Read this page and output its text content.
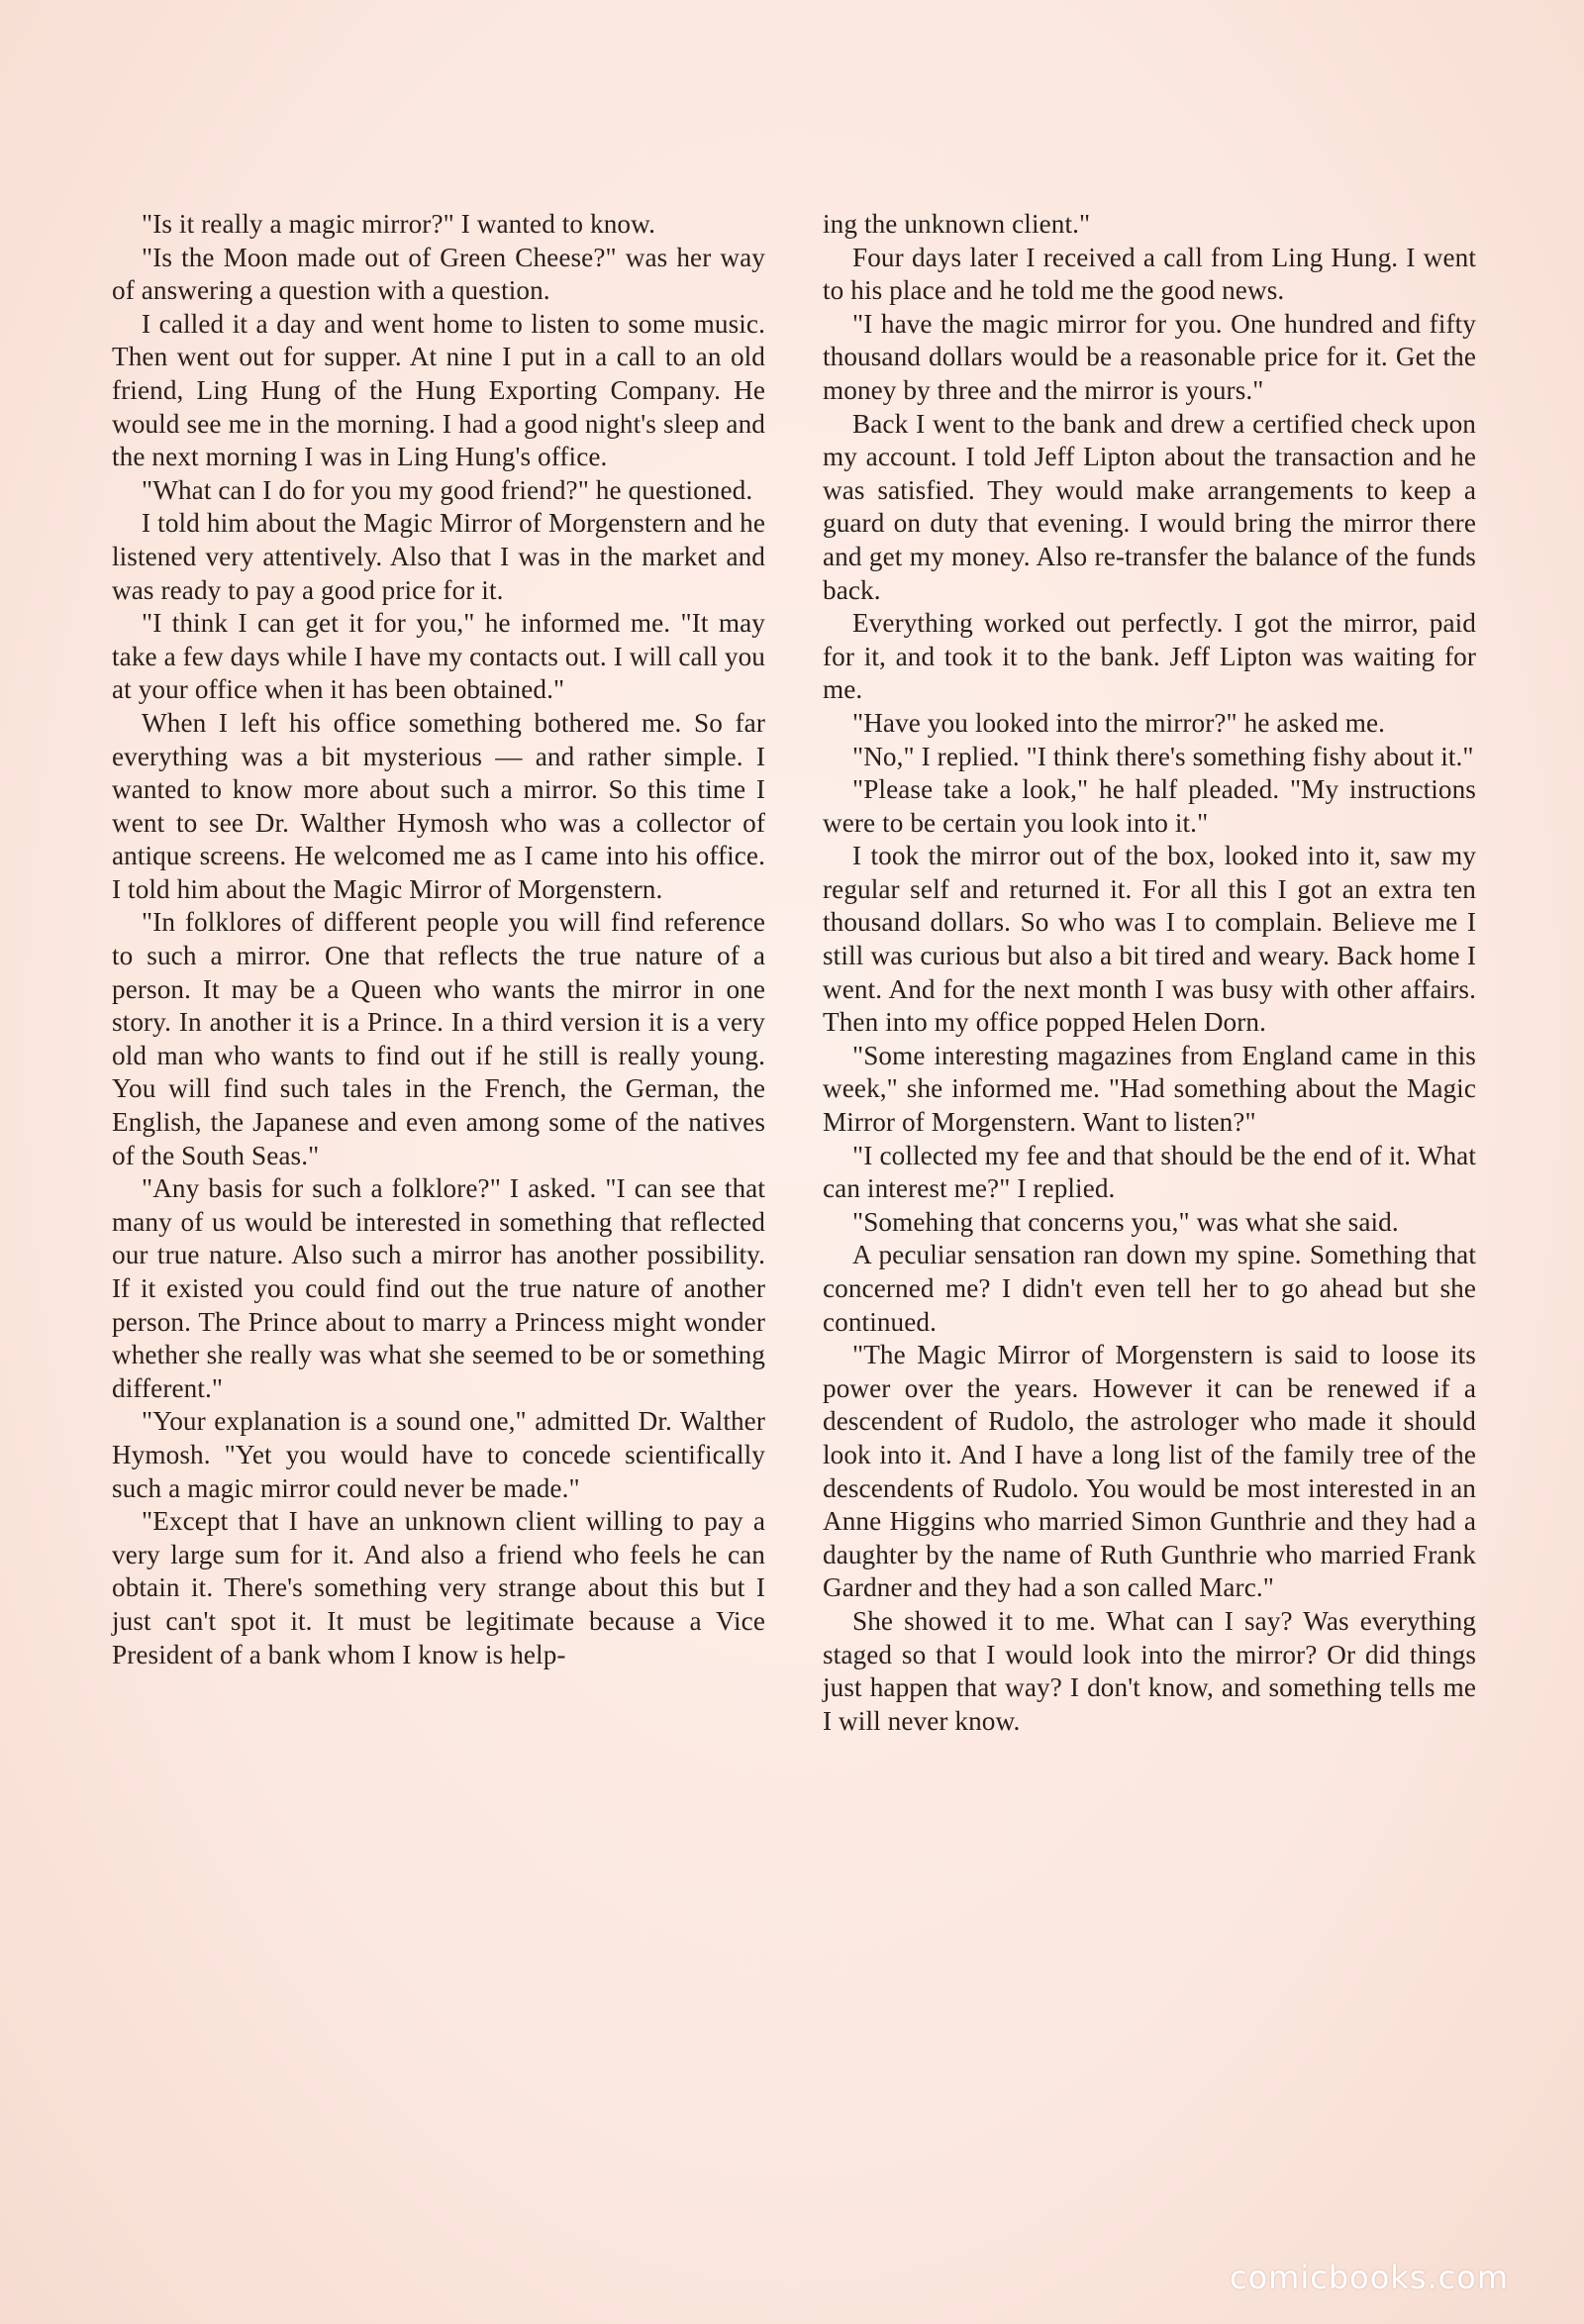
"Is it really a magic mirror?" I wanted to know.

"Is the Moon made out of Green Cheese?" was her way of answering a question with a question.

I called it a day and went home to listen to some music. Then went out for supper. At nine I put in a call to an old friend, Ling Hung of the Hung Exporting Company. He would see me in the morning. I had a good night's sleep and the next morning I was in Ling Hung's office.

"What can I do for you my good friend?" he questioned.

I told him about the Magic Mirror of Morgenstern and he listened very attentively. Also that I was in the market and was ready to pay a good price for it.

"I think I can get it for you," he informed me. "It may take a few days while I have my contacts out. I will call you at your office when it has been obtained."

When I left his office something bothered me. So far everything was a bit mysterious — and rather simple. I wanted to know more about such a mirror. So this time I went to see Dr. Walther Hymosh who was a collector of antique screens. He welcomed me as I came into his office. I told him about the Magic Mirror of Morgenstern.

"In folklores of different people you will find reference to such a mirror. One that reflects the true nature of a person. It may be a Queen who wants the mirror in one story. In another it is a Prince. In a third version it is a very old man who wants to find out if he still is really young. You will find such tales in the French, the German, the English, the Japanese and even among some of the natives of the South Seas."

"Any basis for such a folklore?" I asked. "I can see that many of us would be interested in something that reflected our true nature. Also such a mirror has another possibility. If it existed you could find out the true nature of another person. The Prince about to marry a Princess might wonder whether she really was what she seemed to be or something different."

"Your explanation is a sound one," admitted Dr. Walther Hymosh. "Yet you would have to concede scientifically such a magic mirror could never be made."

"Except that I have an unknown client willing to pay a very large sum for it. And also a friend who feels he can obtain it. There's something very strange about this but I just can't spot it. It must be legitimate because a Vice President of a bank whom I know is help-

ing the unknown client."

Four days later I received a call from Ling Hung. I went to his place and he told me the good news.

"I have the magic mirror for you. One hundred and fifty thousand dollars would be a reasonable price for it. Get the money by three and the mirror is yours."

Back I went to the bank and drew a certified check upon my account. I told Jeff Lipton about the transaction and he was satisfied. They would make arrangements to keep a guard on duty that evening. I would bring the mirror there and get my money. Also re-transfer the balance of the funds back.

Everything worked out perfectly. I got the mirror, paid for it, and took it to the bank. Jeff Lipton was waiting for me.

"Have you looked into the mirror?" he asked me.

"No," I replied. "I think there's something fishy about it."

"Please take a look," he half pleaded. "My instructions were to be certain you look into it."

I took the mirror out of the box, looked into it, saw my regular self and returned it. For all this I got an extra ten thousand dollars. So who was I to complain. Believe me I still was curious but also a bit tired and weary. Back home I went. And for the next month I was busy with other affairs. Then into my office popped Helen Dorn.

"Some interesting magazines from England came in this week," she informed me. "Had something about the Magic Mirror of Morgenstern. Want to listen?"

"I collected my fee and that should be the end of it. What can interest me?" I replied.

"Somehing that concerns you," was what she said.

A peculiar sensation ran down my spine. Something that concerned me? I didn't even tell her to go ahead but she continued.

"The Magic Mirror of Morgenstern is said to loose its power over the years. However it can be renewed if a descendent of Rudolo, the astrologer who made it should look into it. And I have a long list of the family tree of the descendents of Rudolo. You would be most interested in an Anne Higgins who married Simon Gunthrie and they had a daughter by the name of Ruth Gunthrie who married Frank Gardner and they had a son called Marc."

She showed it to me. What can I say? Was everything staged so that I would look into the mirror? Or did things just happen that way? I don't know, and something tells me I will never know.

comicbooks.com
